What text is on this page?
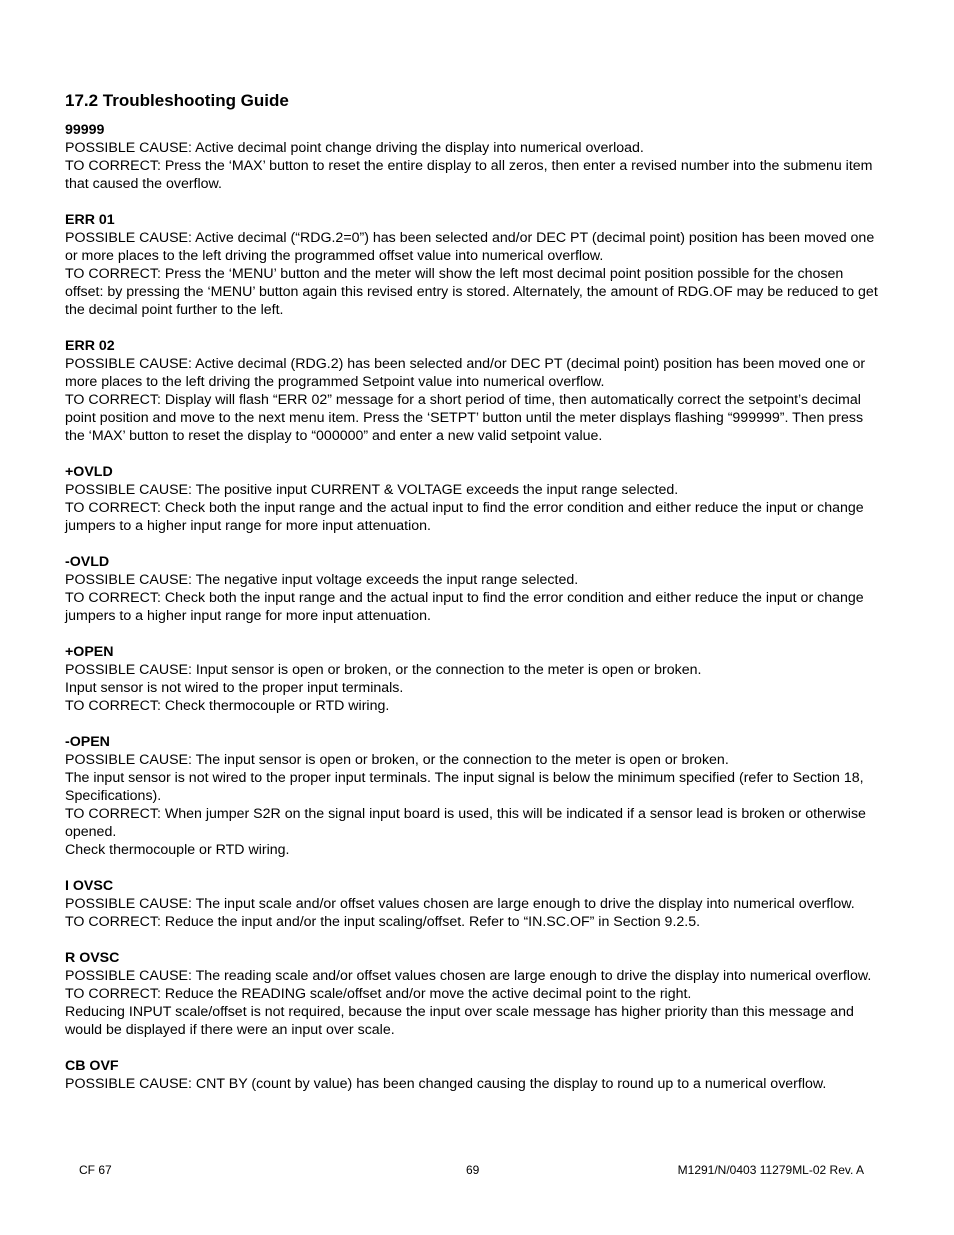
17.2 Troubleshooting Guide

99999

POSSIBLE CAUSE: Active decimal point change driving the display into numerical overload.

TO CORRECT: Press the ‘MAX’ button to reset the entire display to all zeros, then enter a revised number into the submenu item that caused the overflow.

ERR 01

POSSIBLE CAUSE: Active decimal (“RDG.2=0”) has been selected and/or DEC PT (decimal point) position has been moved one or more places to the left driving the programmed offset value into numerical overflow.

TO CORRECT: Press the ‘MENU’ button and the meter will show the left most decimal point position possible for the chosen offset: by pressing the ‘MENU’ button again this revised entry is stored. Alternately, the amount of RDG.OF may be reduced to get the decimal point further to the left.

ERR 02

POSSIBLE CAUSE: Active decimal (RDG.2) has been selected and/or DEC PT (decimal point) position has been moved one or more places to the left driving the programmed Setpoint value into numerical overflow.

TO CORRECT: Display will flash “ERR 02” message for a short period of time, then automatically correct the setpoint’s decimal point position and move to the next menu item. Press the ‘SETPT’ button until the meter displays flashing “999999”. Then press the ‘MAX’ button to reset the display to “000000” and enter a new valid setpoint value.

+OVLD

POSSIBLE CAUSE: The positive input CURRENT & VOLTAGE exceeds the input range selected.

TO CORRECT: Check both the input range and the actual input to find the error condition and either reduce the input or change jumpers to a higher input range for more input attenuation.

-OVLD

POSSIBLE CAUSE: The negative input voltage exceeds the input range selected.

TO CORRECT: Check both the input range and the actual input to find the error condition and either reduce the input or change jumpers to a higher input range for more input attenuation.

+OPEN

POSSIBLE CAUSE: Input sensor is open or broken, or the connection to the meter is open or broken.

Input sensor is not wired to the proper input terminals.

TO CORRECT: Check thermocouple or RTD wiring.

-OPEN

POSSIBLE CAUSE: The input sensor is open or broken, or the connection to the meter is open or broken.

The input sensor is not wired to the proper input terminals. The input signal is below the minimum specified (refer to Section 18, Specifications).

TO CORRECT: When jumper S2R on the signal input board is used, this will be indicated if a sensor lead is broken or otherwise opened.

Check thermocouple or RTD wiring.

I OVSC

POSSIBLE CAUSE: The input scale and/or offset values chosen are large enough to drive the display into numerical overflow.

TO CORRECT: Reduce the input and/or the input scaling/offset. Refer to “IN.SC.OF” in Section 9.2.5.

R OVSC

POSSIBLE CAUSE: The reading scale and/or offset values chosen are large enough to drive the display into numerical overflow.

TO CORRECT: Reduce the READING scale/offset and/or move the active decimal point to the right.

Reducing INPUT scale/offset is not required, because the input over scale message has higher priority than this message and would be displayed if there were an input over scale.

CB OVF

POSSIBLE CAUSE: CNT BY (count by value) has been changed causing the display to round up to a numerical overflow.

CF 67	69	M1291/N/0403 11279ML-02 Rev. A
